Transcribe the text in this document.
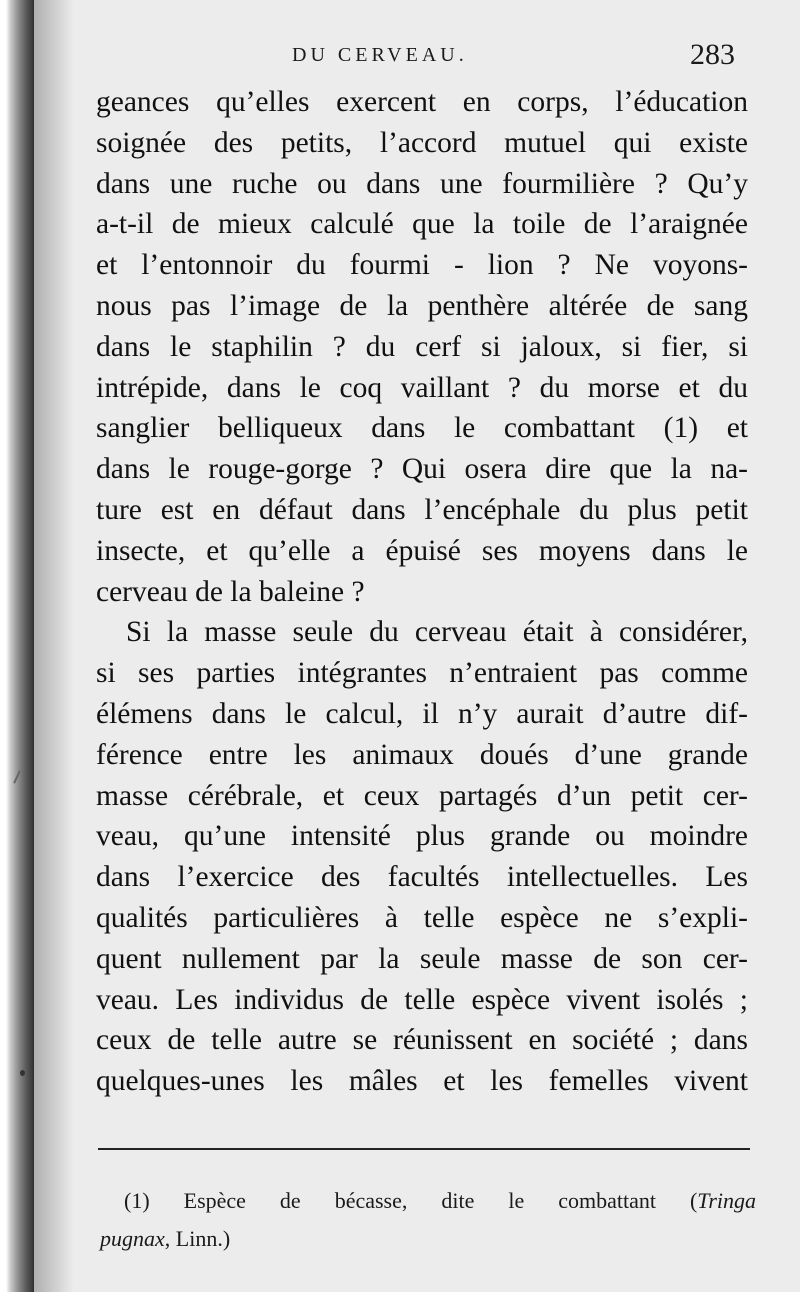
DU CERVEAU.	283
geances qu’elles exercent en corps, l’éducation
soignée des petits, l’accord mutuel qui existe
dans une ruche ou dans une fourmilière ? Qu’y
a-t-il de mieux calculé que la toile de l’araignée
et l’entonnoir du fourmi - lion ? Ne voyons-
nous pas l’image de la penthère altérée de sang
dans le staphilin ? du cerf si jaloux, si fier, si
intrépide, dans le coq vaillant ? du morse et du
sanglier belliqueux dans le combattant (1) et
dans le rouge-gorge ? Qui osera dire que la na-
ture est en défaut dans l’encéphale du plus petit
insecte, et qu’elle a épuisé ses moyens dans le
cerveau de la baleine ?
Si la masse seule du cerveau était à considérer,
si ses parties intégrantes n’entraient pas comme
élémens dans le calcul, il n’y aurait d’autre dif-
férence entre les animaux doués d’une grande
masse cérébrale, et ceux partagés d’un petit cer-
veau, qu’une intensité plus grande ou moindre
dans l’exercice des facultés intellectuelles. Les
qualités particulières à telle espèce ne s’expli-
quent nullement par la seule masse de son cer-
veau. Les individus de telle espèce vivent isolés ;
ceux de telle autre se réunissent en société ; dans
quelques-unes les mâles et les femelles vivent
(1) Espèce de bécasse, dite le combattant (Tringa
pugnax, Linn.)
